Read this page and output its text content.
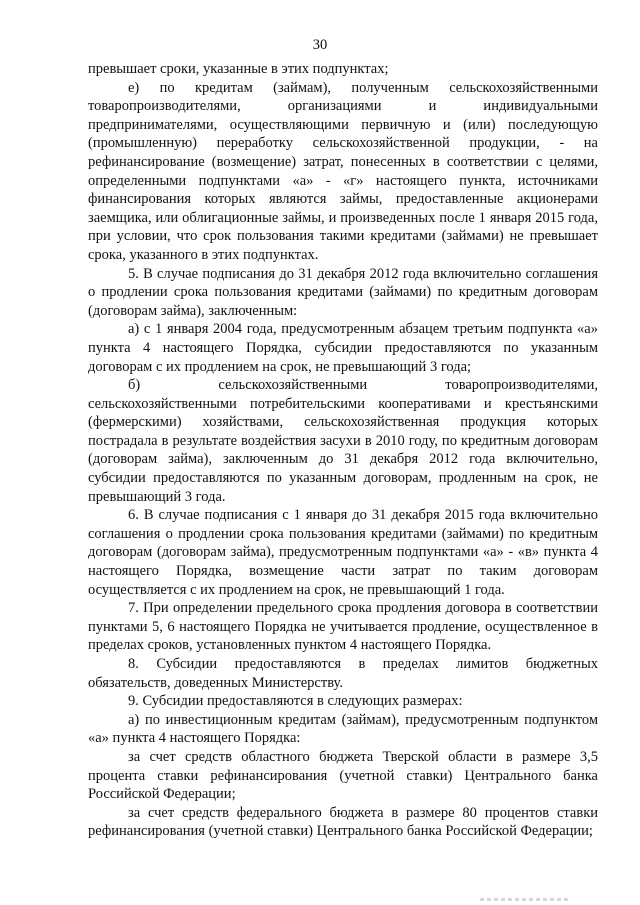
30

превышает сроки, указанные в этих подпунктах;

е) по кредитам (займам), полученным сельскохозяйственными товаропроизводителями, организациями и индивидуальными предпринимателями, осуществляющими первичную и (или) последующую (промышленную) переработку сельскохозяйственной продукции, - на рефинансирование (возмещение) затрат, понесенных в соответствии с целями, определенными подпунктами «а» - «г» настоящего пункта, источниками финансирования которых являются займы, предоставленные акционерами заемщика, или облигационные займы, и произведенных после 1 января 2015 года, при условии, что срок пользования такими кредитами (займами) не превышает срока, указанного в этих подпунктах.

5. В случае подписания до 31 декабря 2012 года включительно соглашения о продлении срока пользования кредитами (займами) по кредитным договорам (договорам займа), заключенным:

а) с 1 января 2004 года, предусмотренным абзацем третьим подпункта «а» пункта 4 настоящего Порядка, субсидии предоставляются по указанным договорам с их продлением на срок, не превышающий 3 года;

б) сельскохозяйственными товаропроизводителями, сельскохозяйственными потребительскими кооперативами и крестьянскими (фермерскими) хозяйствами, сельскохозяйственная продукция которых пострадала в результате воздействия засухи в 2010 году, по кредитным договорам (договорам займа), заключенным до 31 декабря 2012 года включительно, субсидии предоставляются по указанным договорам, продленным на срок, не превышающий 3 года.

6. В случае подписания с 1 января до 31 декабря 2015 года включительно соглашения о продлении срока пользования кредитами (займами) по кредитным договорам (договорам займа), предусмотренным подпунктами «а» - «в» пункта 4 настоящего Порядка, возмещение части затрат по таким договорам осуществляется с их продлением на срок, не превышающий 1 года.

7. При определении предельного срока продления договора в соответствии пунктами 5, 6 настоящего Порядка не учитывается продление, осуществленное в пределах сроков, установленных пунктом 4 настоящего Порядка.

8. Субсидии предоставляются в пределах лимитов бюджетных обязательств, доведенных Министерству.

9. Субсидии предоставляются в следующих размерах:

а) по инвестиционным кредитам (займам), предусмотренным подпунктом «а» пункта 4 настоящего Порядка:

за счет средств областного бюджета Тверской области в размере 3,5 процента ставки рефинансирования (учетной ставки) Центрального банка Российской Федерации;

за счет средств федерального бюджета в размере 80 процентов ставки рефинансирования (учетной ставки) Центрального банка Российской Федерации;
